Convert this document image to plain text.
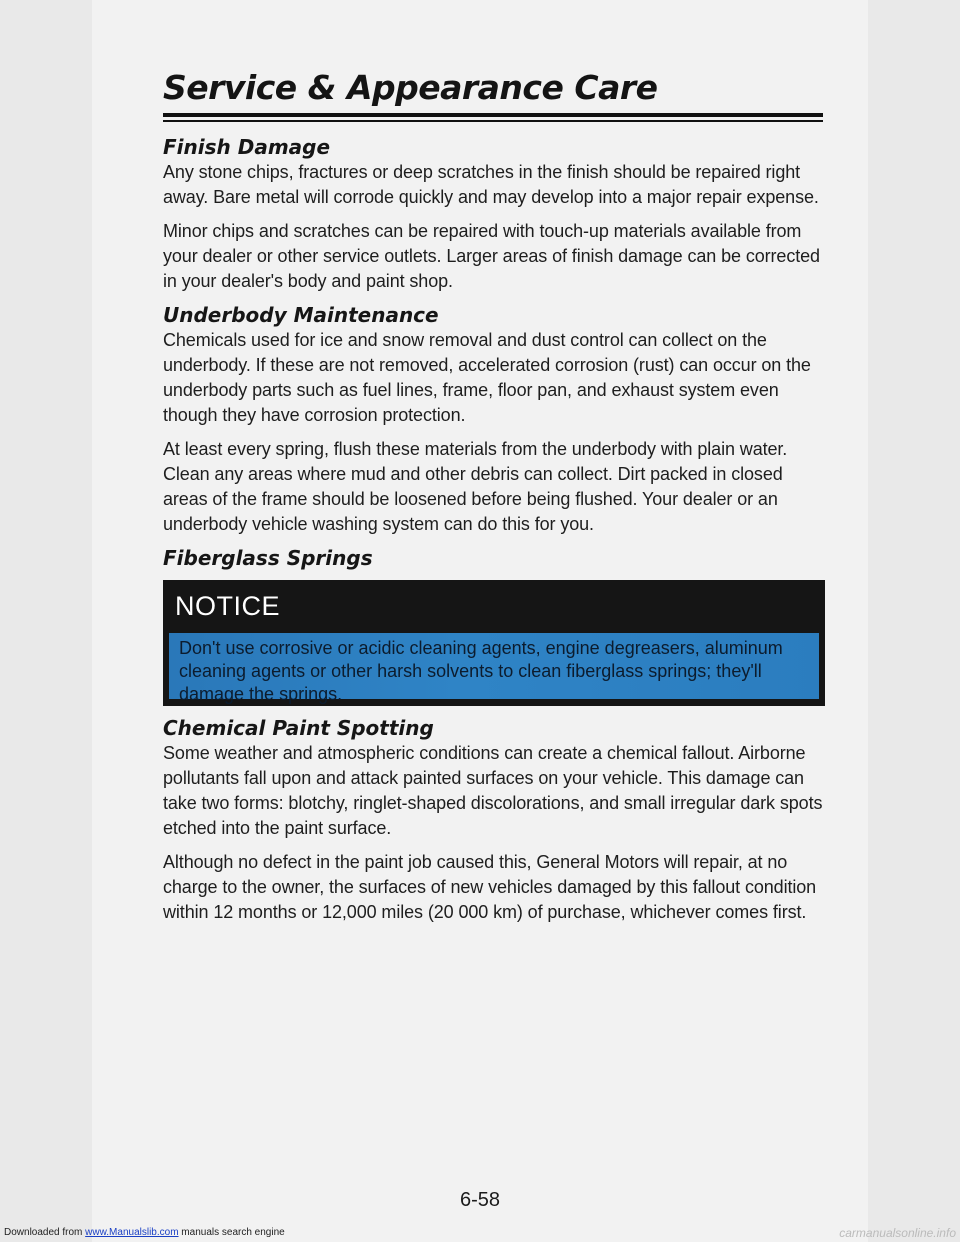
Service & Appearance Care
Finish Damage

Any stone chips, fractures or deep scratches in the finish should be repaired right away. Bare metal will corrode quickly and may develop into a major repair expense.

Minor chips and scratches can be repaired with touch-up materials available from your dealer or other service outlets. Larger areas of finish damage can be corrected in your dealer's body and paint shop.

Underbody Maintenance

Chemicals used for ice and snow removal and dust control can collect on the underbody. If these are not removed, accelerated corrosion (rust) can occur on the underbody parts such as fuel lines, frame, floor pan, and exhaust system even though they have corrosion protection.

At least every spring, flush these materials from the underbody with plain water. Clean any areas where mud and other debris can collect. Dirt packed in closed areas of the frame should be loosened before being flushed. Your dealer or an underbody vehicle washing system can do this for you.

Fiberglass Springs
NOTICE
Don't use corrosive or acidic cleaning agents, engine degreasers, aluminum cleaning agents or other harsh solvents to clean fiberglass springs; they'll damage the springs.
Chemical Paint Spotting

Some weather and atmospheric conditions can create a chemical fallout. Airborne pollutants fall upon and attack painted surfaces on your vehicle. This damage can take two forms: blotchy, ringlet-shaped discolorations, and small irregular dark spots etched into the paint surface.

Although no defect in the paint job caused this, General Motors will repair, at no charge to the owner, the surfaces of new vehicles damaged by this fallout condition within 12 months or 12,000 miles (20 000 km) of purchase, whichever comes first.

6-58
Downloaded from www.Manualslib.com manuals search engine	carmanualsonline.info
